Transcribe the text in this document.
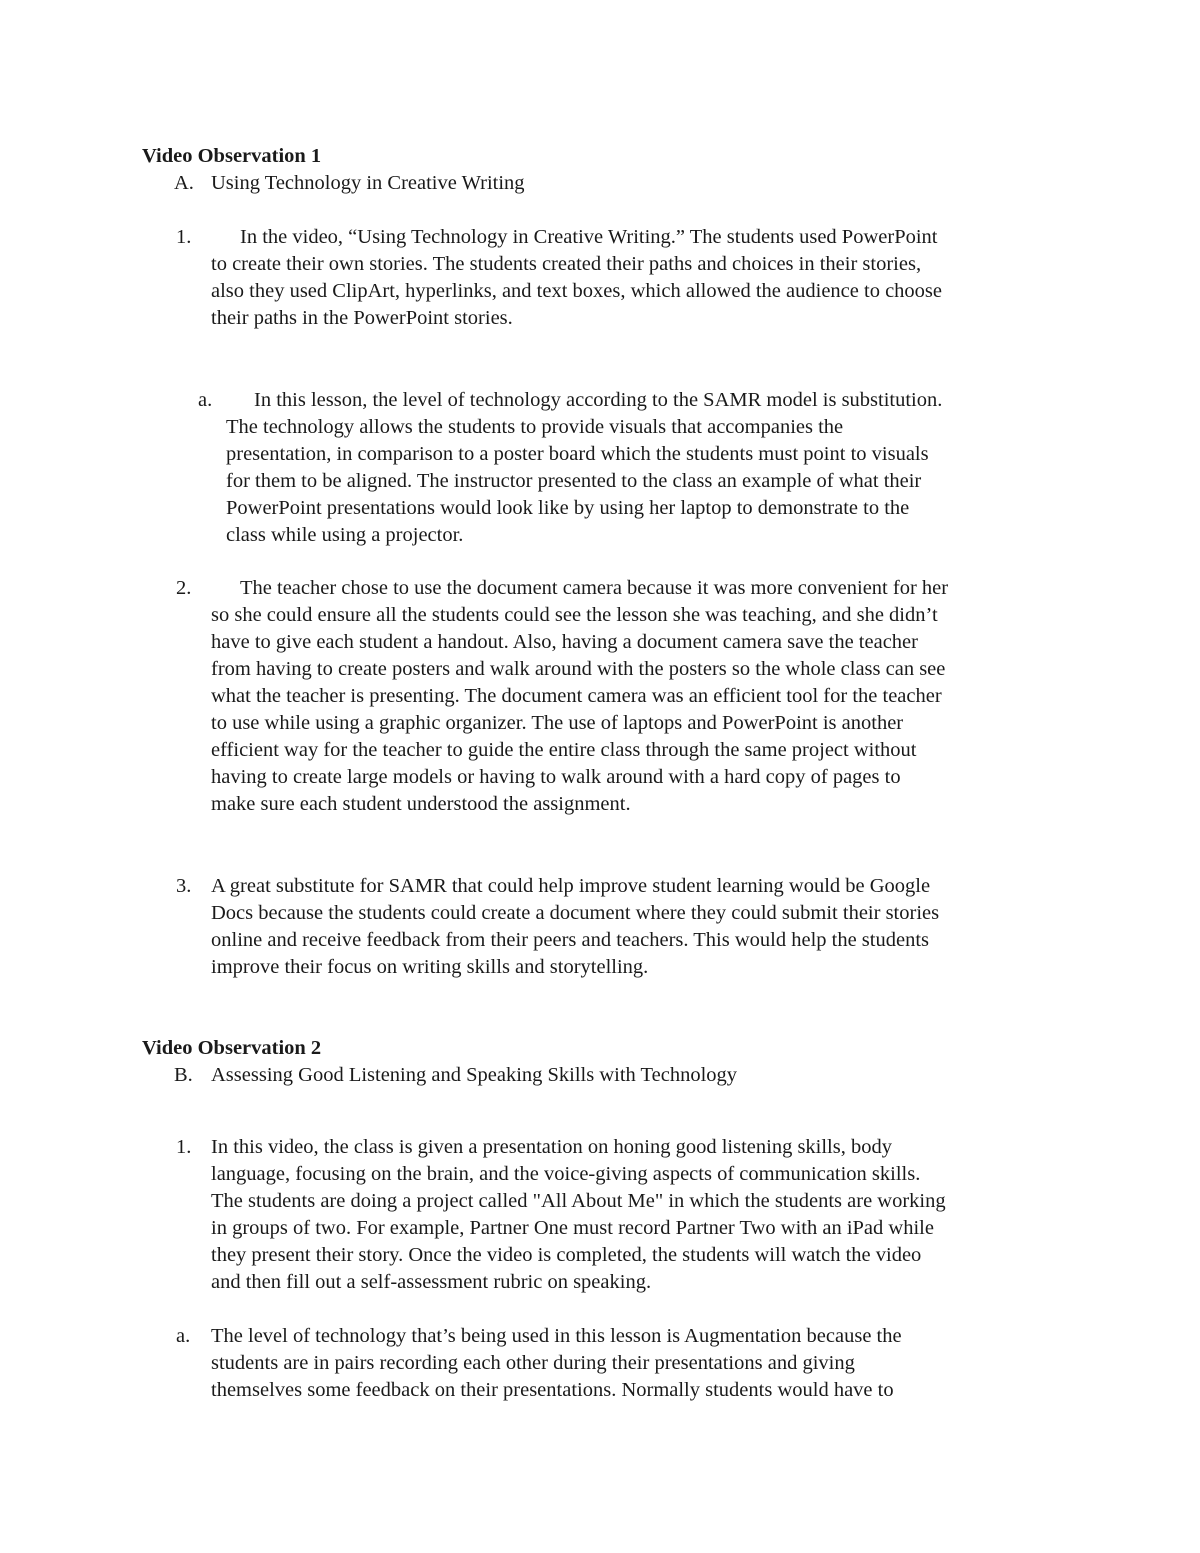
Video Observation 1
A. Using Technology in Creative Writing
1.	In the video, “Using Technology in Creative Writing.” The students used PowerPoint
to create their own stories. The students created their paths and choices in their stories,
also they used ClipArt, hyperlinks, and text boxes, which allowed the audience to choose
their paths in the PowerPoint stories.
a.	In this lesson, the level of technology according to the SAMR model is substitution.
The technology allows the students to provide visuals that accompanies the
presentation, in comparison to a poster board which the students must point to visuals
for them to be aligned. The instructor presented to the class an example of what their
PowerPoint presentations would look like by using her laptop to demonstrate to the
class while using a projector.
2.	The teacher chose to use the document camera because it was more convenient for her
so she could ensure all the students could see the lesson she was teaching, and she didn’t
have to give each student a handout. Also, having a document camera save the teacher
from having to create posters and walk around with the posters so the whole class can see
what the teacher is presenting. The document camera was an efficient tool for the teacher
to use while using a graphic organizer. The use of laptops and PowerPoint is another
efficient way for the teacher to guide the entire class through the same project without
having to create large models or having to walk around with a hard copy of pages to
make sure each student understood the assignment.
3. A great substitute for SAMR that could help improve student learning would be Google
Docs because the students could create a document where they could submit their stories
online and receive feedback from their peers and teachers. This would help the students
improve their focus on writing skills and storytelling.
Video Observation 2
B. Assessing Good Listening and Speaking Skills with Technology
1. In this video, the class is given a presentation on honing good listening skills, body
language, focusing on the brain, and the voice-giving aspects of communication skills.
The students are doing a project called "All About Me" in which the students are working
in groups of two. For example, Partner One must record Partner Two with an iPad while
they present their story. Once the video is completed, the students will watch the video
and then fill out a self-assessment rubric on speaking.
a. The level of technology that’s being used in this lesson is Augmentation because the
students are in pairs recording each other during their presentations and giving
themselves some feedback on their presentations. Normally students would have to
